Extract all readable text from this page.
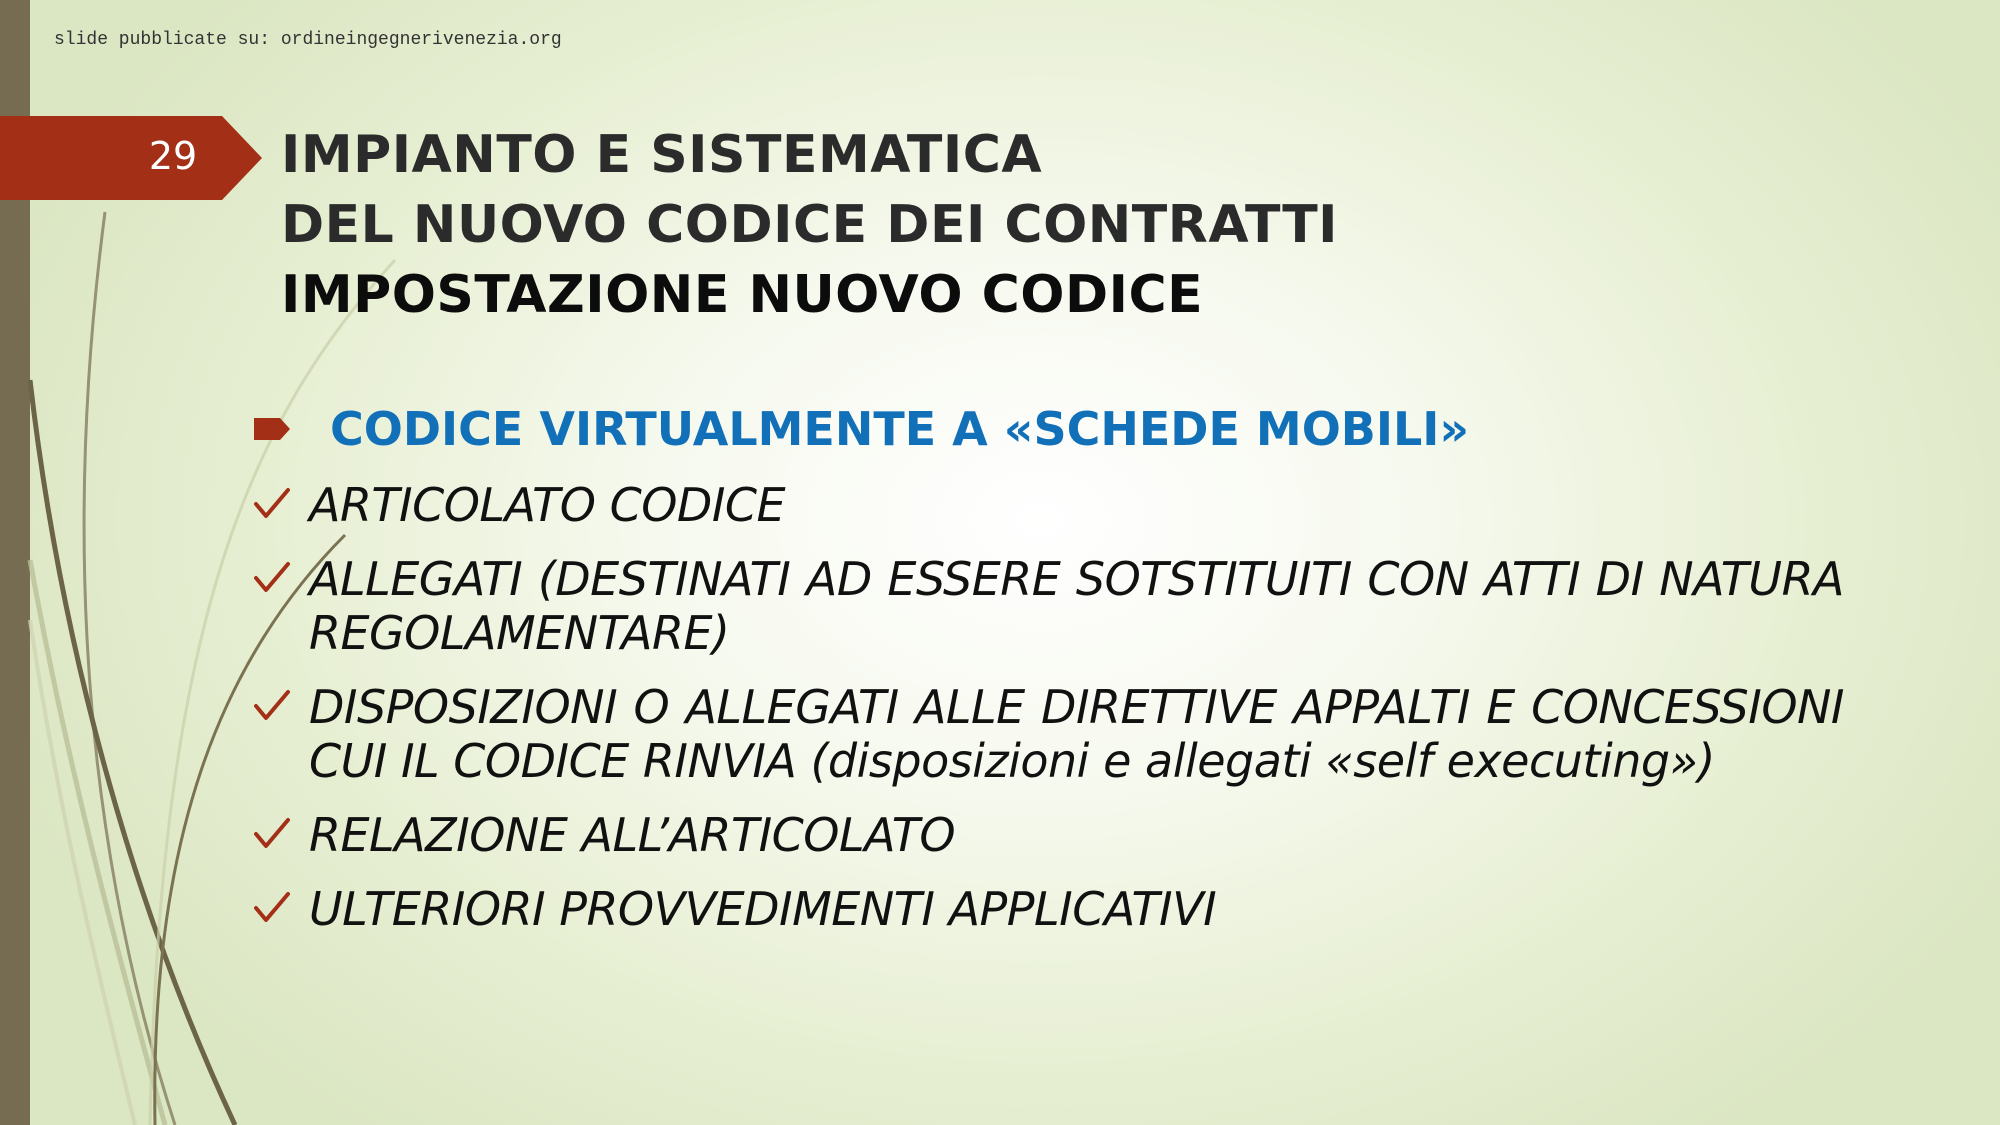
slide pubblicate su: ordineingegnerivenezia.org
29	IMPIANTO E SISTEMATICA
DEL NUOVO CODICE DEI CONTRATTI
IMPOSTAZIONE NUOVO CODICE
CODICE VIRTUALMENTE A «SCHEDE MOBILI»
ARTICOLATO CODICE
ALLEGATI (DESTINATI AD ESSERE SOTSTITUITI CON ATTI DI NATURA REGOLAMENTARE)
DISPOSIZIONI O ALLEGATI ALLE DIRETTIVE APPALTI E CONCESSIONI CUI IL CODICE RINVIA (disposizioni e allegati «self executing»)
RELAZIONE ALL’ARTICOLATO
ULTERIORI PROVVEDIMENTI APPLICATIVI
